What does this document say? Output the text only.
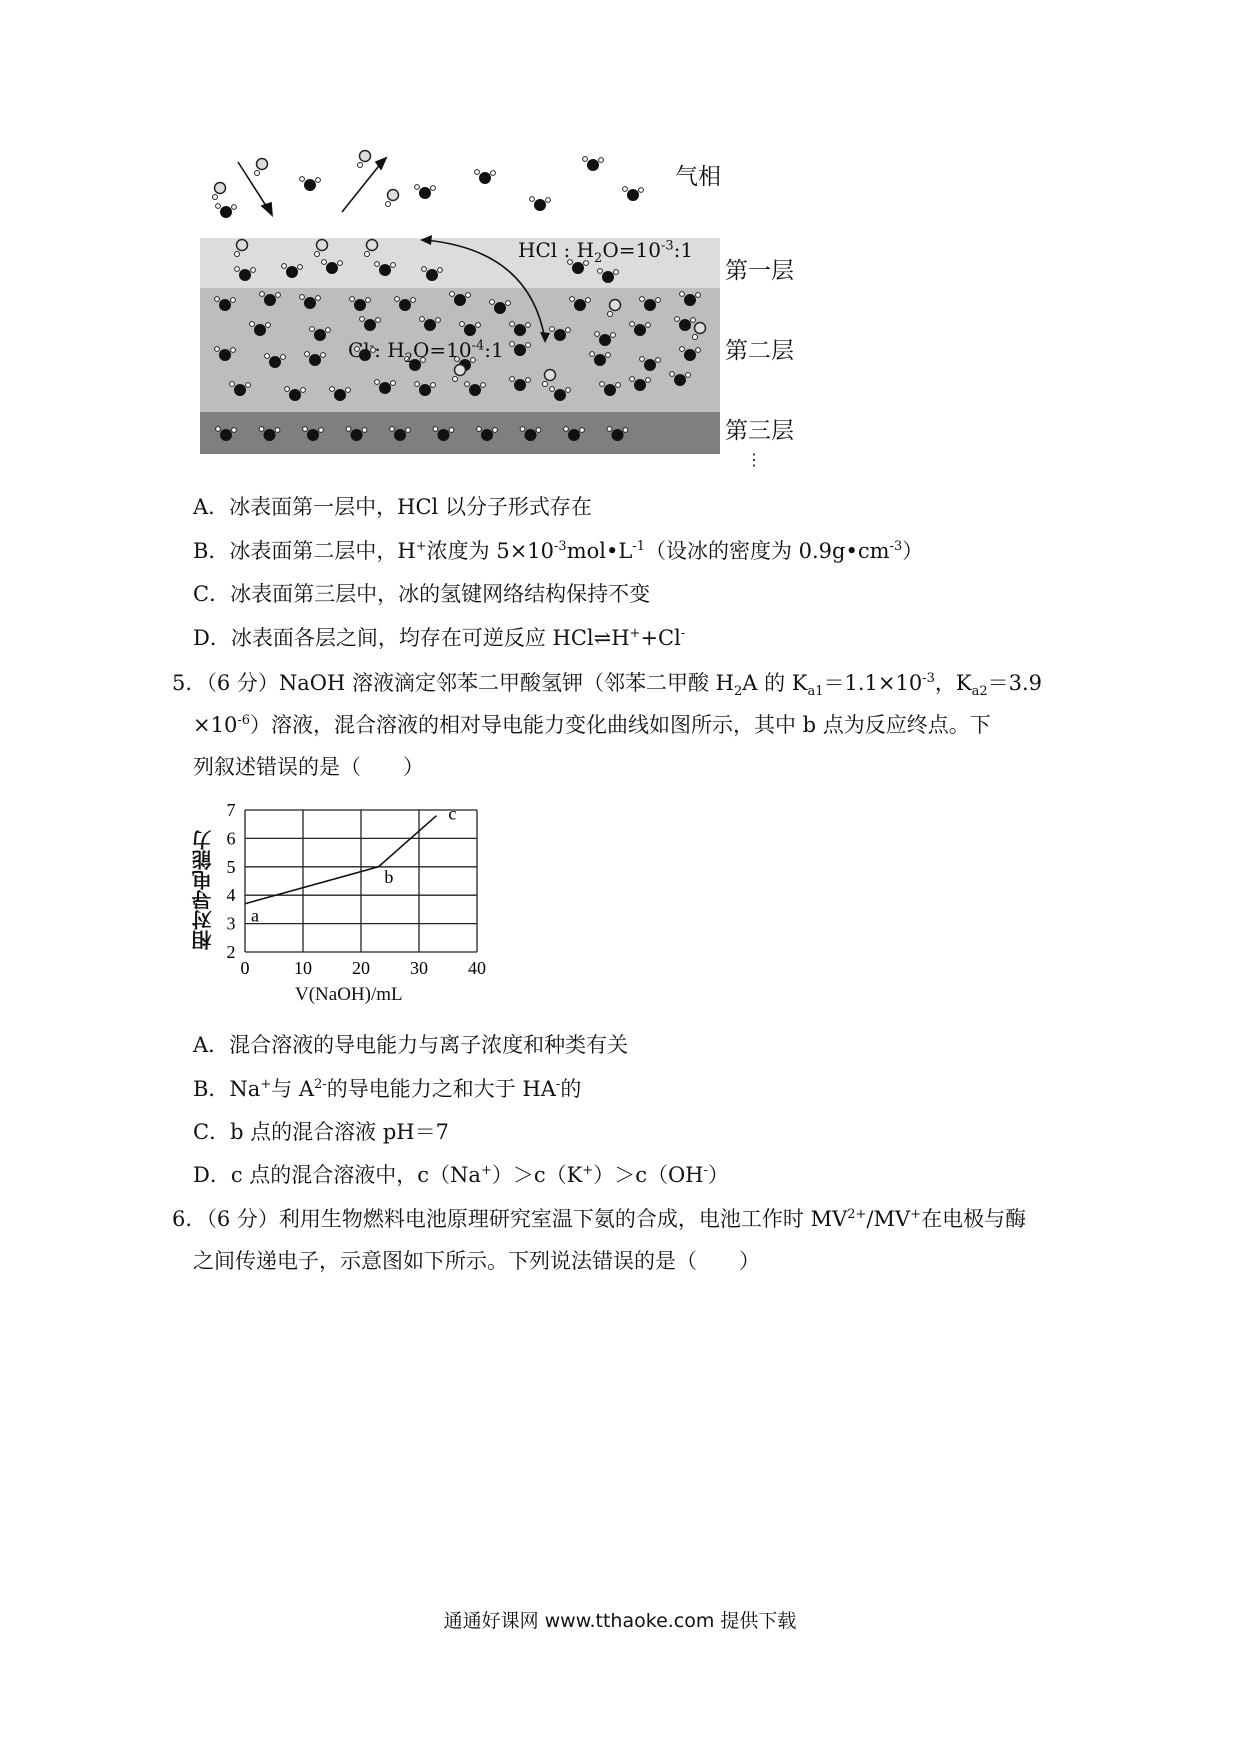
气相
第一层
第二层
第三层
⋮
HCl : $H_2O=10^{-3}:1$
Cl-: $H_2O=10^{-4}:1$
A．冰表面第一层中，HCl 以分子形式存在
B．冰表面第二层中，H+浓度为 $5\times 10^{-3}mol•L^{-1}$（设冰的密度为 $0.9g•cm^{-3}$）
C．冰表面第三层中，冰的氢键网络结构保持不变
D．冰表面各层之间，均存在可逆反应 HCl⇌H++Cl-
5．（6 分）NaOH 溶液滴定邻苯二甲酸氢钾（邻苯二甲酸 $H_2A$ 的 $K_{a1}=1.1\times 10^{-3}$，$K_{a2}=3.9$
$\times 10^{-6}$）溶液，混合溶液的相对导电能力变化曲线如图所示，其中 b 点为反应终点。下
列叙述错误的是（　　）
2
3
4
5
6
7
0 10 20 30 40
a
b
c
相对导电能力
V(NaOH)/mL
A．混合溶液的导电能力与离子浓度和种类有关
B．Na+与 $A^{2-}$的导电能力之和大于 HA-的
C．b 点的混合溶液 pH＝7
D．c 点的混合溶液中，c（Na+）＞c（K+）＞c（OH-）
6．（6 分）利用生物燃料电池原理研究室温下氨的合成，电池工作时 $MV^{2+}/MV^+$在电极与酶
之间传递电子，示意图如下所示。下列说法错误的是（　　）
通通好课网 www.tthaoke.com 提供下载
